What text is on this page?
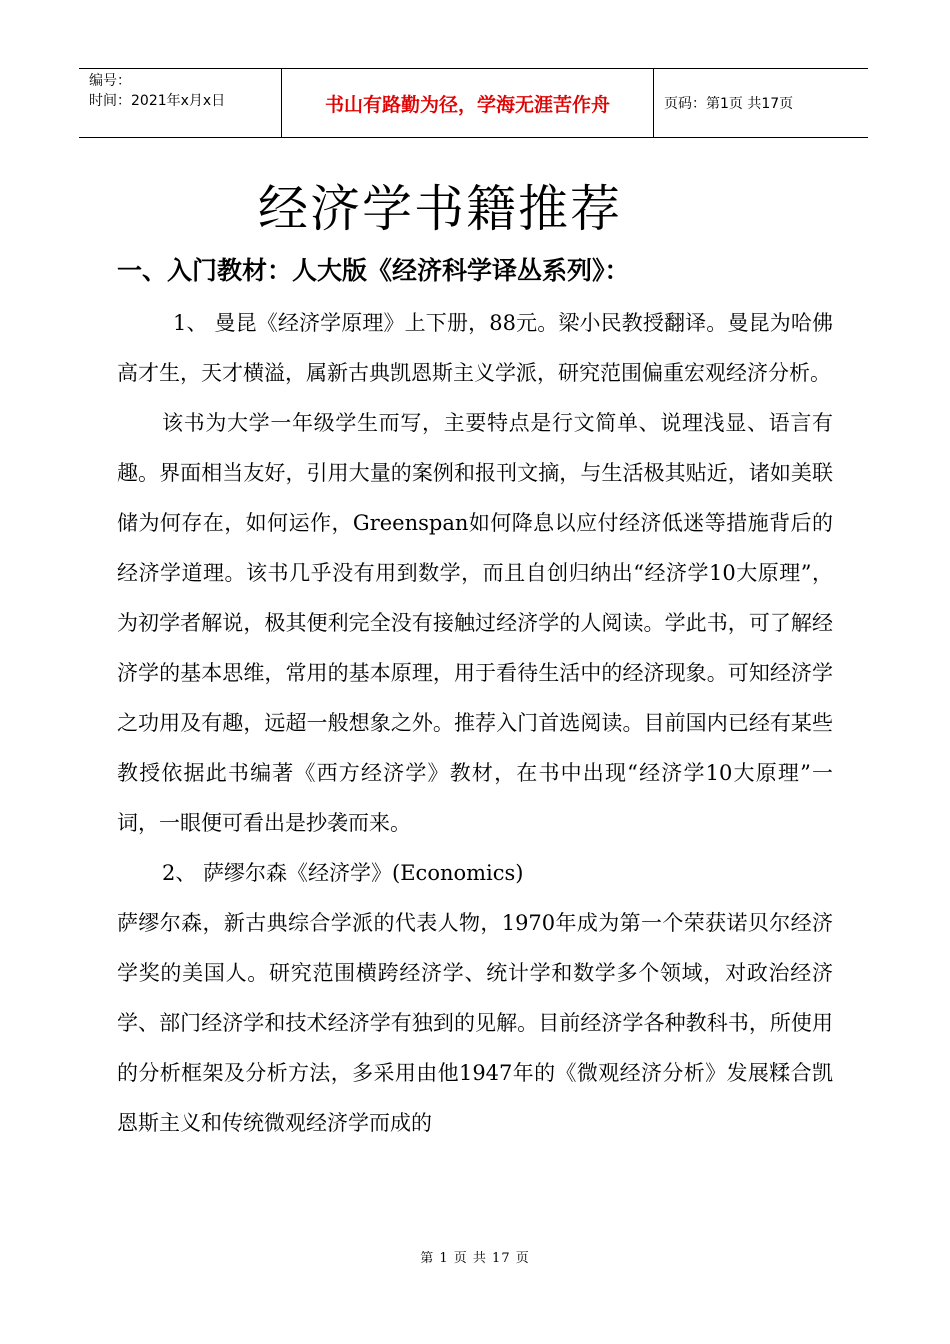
编号：
时间：2021年x月x日	书山有路勤为径，学海无涯苦作舟	页码：第1页 共17页
经济学书籍推荐
一、入门教材：人大版《经济科学译丛系列》：

1、 曼昆《经济学原理》上下册，88元。梁小民教授翻译。曼昆为哈佛高才生，天才横溢，属新古典凯恩斯主义学派，研究范围偏重宏观经济分析。

该书为大学一年级学生而写，主要特点是行文简单、说理浅显、语言有趣。界面相当友好，引用大量的案例和报刊文摘，与生活极其贴近，诸如美联储为何存在，如何运作，Greenspan如何降息以应付经济低迷等措施背后的经济学道理。该书几乎没有用到数学，而且自创归纳出“经济学10大原理”，为初学者解说，极其便利完全没有接触过经济学的人阅读。学此书，可了解经济学的基本思维，常用的基本原理，用于看待生活中的经济现象。可知经济学之功用及有趣，远超一般想象之外。推荐入门首选阅读。目前国内已经有某些教授依据此书编著《西方经济学》教材，在书中出现“经济学10大原理”一词，一眼便可看出是抄袭而来。

2、 萨缪尔森《经济学》(Economics)

萨缪尔森，新古典综合学派的代表人物，1970年成为第一个荣获诺贝尔经济学奖的美国人。研究范围横跨经济学、统计学和数学多个领域，对政治经济学、部门经济学和技术经济学有独到的见解。目前经济学各种教科书，所使用的分析框架及分析方法，多采用由他1947年的《微观经济分析》发展糅合凯恩斯主义和传统微观经济学而成的

第 1 页 共 17 页
